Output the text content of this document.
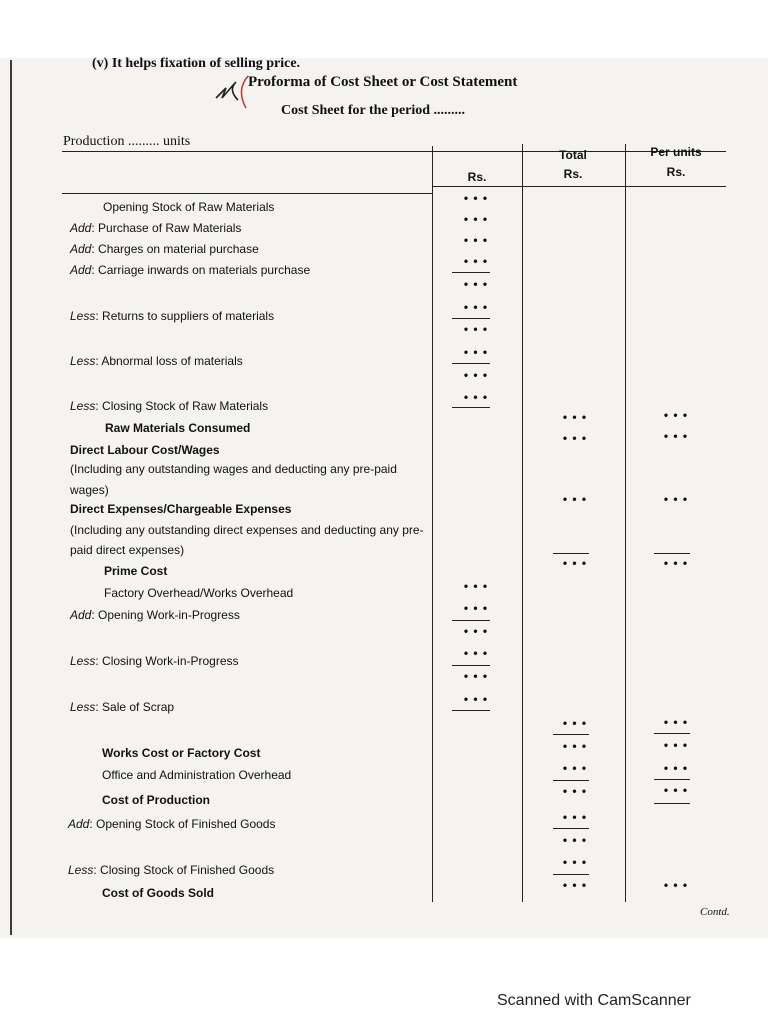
(v) It helps fixation of selling price.
Proforma of Cost Sheet or Cost Statement
Cost Sheet for the period .........
Production ......... units
Rs.
Total
Rs.
Per units
Rs.
Opening Stock of Raw Materials
Add: Purchase of Raw Materials
Add: Charges on material purchase
Add: Carriage inwards on materials purchase
Less: Returns to suppliers of materials
Less: Abnormal loss of materials
Less: Closing Stock of Raw Materials
Raw Materials Consumed
Direct Labour Cost/Wages
(Including any outstanding wages and deducting any pre-paid
wages)
Direct Expenses/Chargeable Expenses
(Including any outstanding direct expenses and deducting any pre-
paid direct expenses)
Prime Cost
Factory Overhead/Works Overhead
Add: Opening Work-in-Progress
Less: Closing Work-in-Progress
Less: Sale of Scrap
Works Cost or Factory Cost
Office and Administration Overhead
Cost of Production
Add: Opening Stock of Finished Goods
Less: Closing Stock of Finished Goods
Cost of Goods Sold
• • •
• • •
• • •
• • •
• • •
• • •
• • •
• • •
• • •
• • •
• • •
• • •
• • •
• • •
• • •
• • •
• • •
• • •
• • •
• • •
• • •
• • •
• • •
• • •
• • •
• • •
• • •
• • •
• • •
• • •
• • •
• • •
• • •
• • •
• • •
• • •
• • •
Contd.
Scanned with CamScanner
